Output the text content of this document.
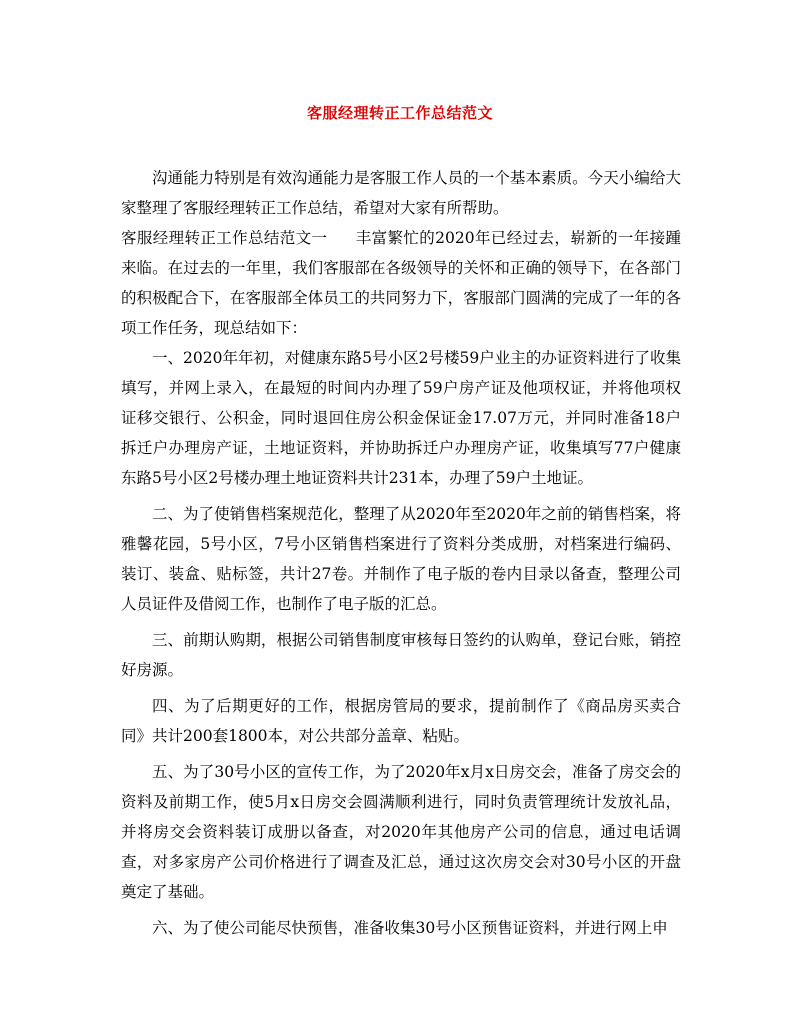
客服经理转正工作总结范文

沟通能力特别是有效沟通能力是客服工作人员的一个基本素质。今天小编给大家整理了客服经理转正工作总结，希望对大家有所帮助。

客服经理转正工作总结范文一 丰富繁忙的2020年已经过去，崭新的一年接踵来临。在过去的一年里，我们客服部在各级领导的关怀和正确的领导下，在各部门的积极配合下，在客服部全体员工的共同努力下，客服部门圆满的完成了一年的各项工作任务，现总结如下：

一、2020年年初，对健康东路5号小区2号楼59户业主的办证资料进行了收集填写，并网上录入，在最短的时间内办理了59户房产证及他项权证，并将他项权证移交银行、公积金，同时退回住房公积金保证金17.07万元，并同时准备18户拆迁户办理房产证，土地证资料，并协助拆迁户办理房产证，收集填写77户健康东路5号小区2号楼办理土地证资料共计231本，办理了59户土地证。

二、为了使销售档案规范化，整理了从2020年至2020年之前的销售档案，将雅馨花园，5号小区，7号小区销售档案进行了资料分类成册，对档案进行编码、装订、装盒、贴标签，共计27卷。并制作了电子版的卷内目录以备查，整理公司人员证件及借阅工作，也制作了电子版的汇总。

三、前期认购期，根据公司销售制度审核每日签约的认购单，登记台账，销控好房源。

四、为了后期更好的工作，根据房管局的要求，提前制作了《商品房买卖合同》共计200套1800本，对公共部分盖章、粘贴。

五、为了30号小区的宣传工作，为了2020年x月x日房交会，准备了房交会的资料及前期工作，使5月x日房交会圆满顺利进行，同时负责管理统计发放礼品，并将房交会资料装订成册以备查，对2020年其他房产公司的信息，通过电话调查，对多家房产公司价格进行了调查及汇总，通过这次房交会对30号小区的开盘奠定了基础。

六、为了使公司能尽快预售，准备收集30号小区预售证资料，并进行网上申
